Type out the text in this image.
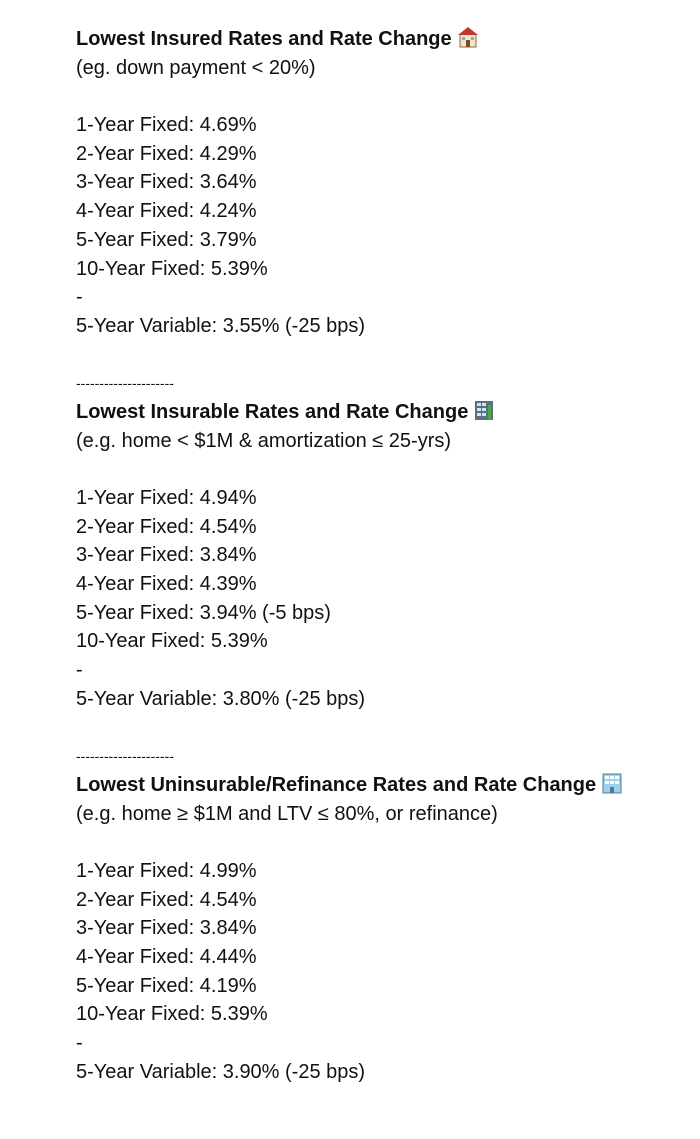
Lowest Insured Rates and Rate Change
(eg. down payment < 20%)
1-Year Fixed: 4.69%
2-Year Fixed: 4.29%
3-Year Fixed: 3.64%
4-Year Fixed: 4.24%
5-Year Fixed: 3.79%
10-Year Fixed: 5.39%
-
5-Year Variable: 3.55% (-25 bps)
---------------------
Lowest Insurable Rates and Rate Change
(e.g. home < $1M & amortization ≤ 25-yrs)
1-Year Fixed: 4.94%
2-Year Fixed: 4.54%
3-Year Fixed: 3.84%
4-Year Fixed: 4.39%
5-Year Fixed: 3.94% (-5 bps)
10-Year Fixed: 5.39%
-
5-Year Variable: 3.80% (-25 bps)
---------------------
Lowest Uninsurable/Refinance Rates and Rate Change
(e.g. home ≥ $1M and LTV ≤ 80%, or refinance)
1-Year Fixed: 4.99%
2-Year Fixed: 4.54%
3-Year Fixed: 3.84%
4-Year Fixed: 4.44%
5-Year Fixed: 4.19%
10-Year Fixed: 5.39%
-
5-Year Variable: 3.90% (-25 bps)
